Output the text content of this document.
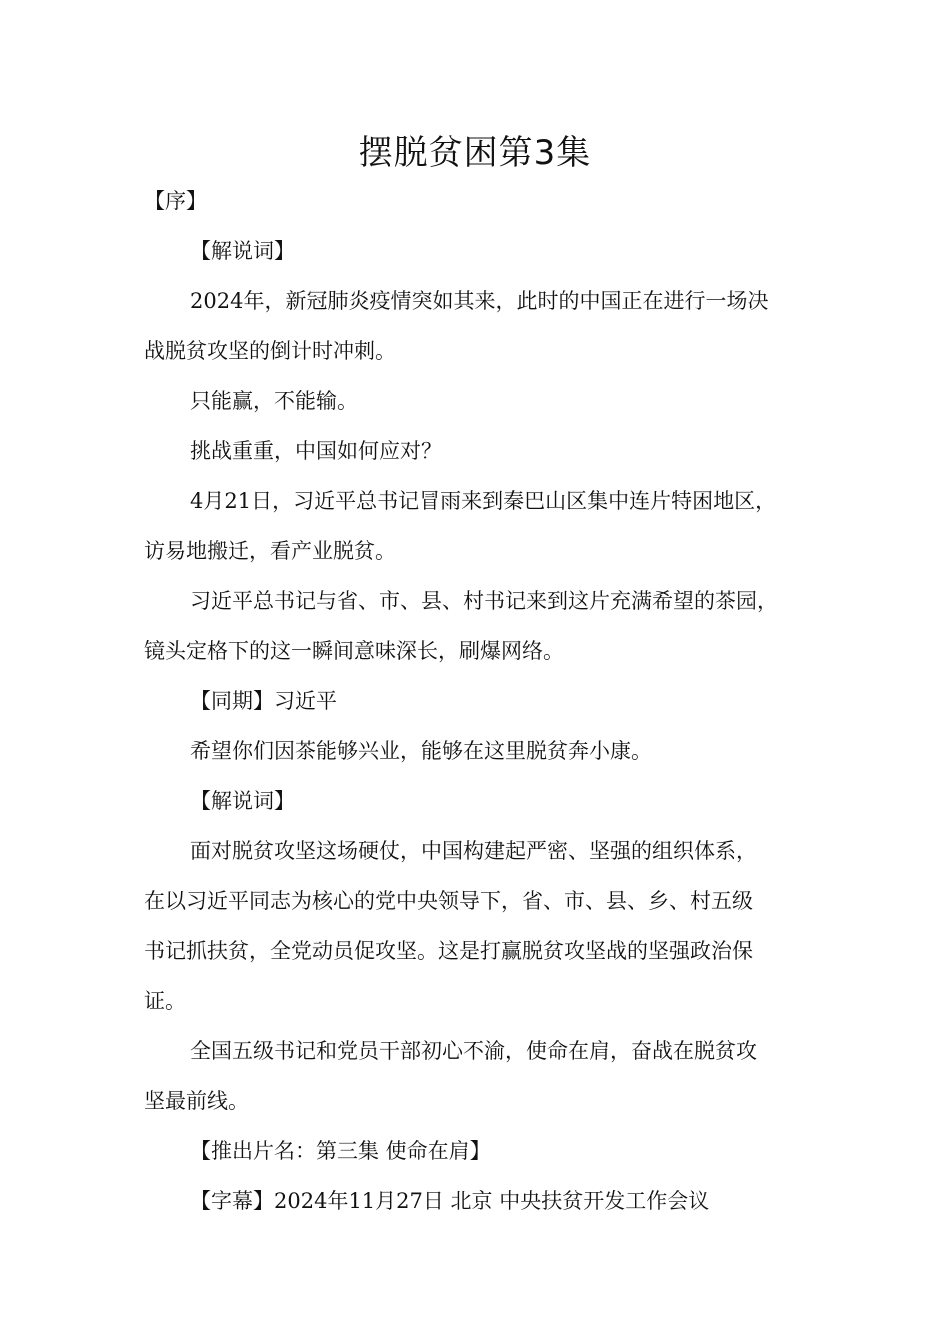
摆脱贫困第3集
【序】
【解说词】
2024年，新冠肺炎疫情突如其来，此时的中国正在进行一场决
战脱贫攻坚的倒计时冲刺。
只能赢，不能输。
挑战重重，中国如何应对？
4月21日，习近平总书记冒雨来到秦巴山区集中连片特困地区，
访易地搬迁，看产业脱贫。
习近平总书记与省、市、县、村书记来到这片充满希望的茶园，
镜头定格下的这一瞬间意味深长，刷爆网络。
【同期】习近平
希望你们因茶能够兴业，能够在这里脱贫奔小康。
【解说词】
面对脱贫攻坚这场硬仗，中国构建起严密、坚强的组织体系，
在以习近平同志为核心的党中央领导下，省、市、县、乡、村五级
书记抓扶贫，全党动员促攻坚。这是打赢脱贫攻坚战的坚强政治保
证。
全国五级书记和党员干部初心不渝，使命在肩，奋战在脱贫攻
坚最前线。
【推出片名：第三集 使命在肩】
【字幕】2024年11月27日 北京 中央扶贫开发工作会议
